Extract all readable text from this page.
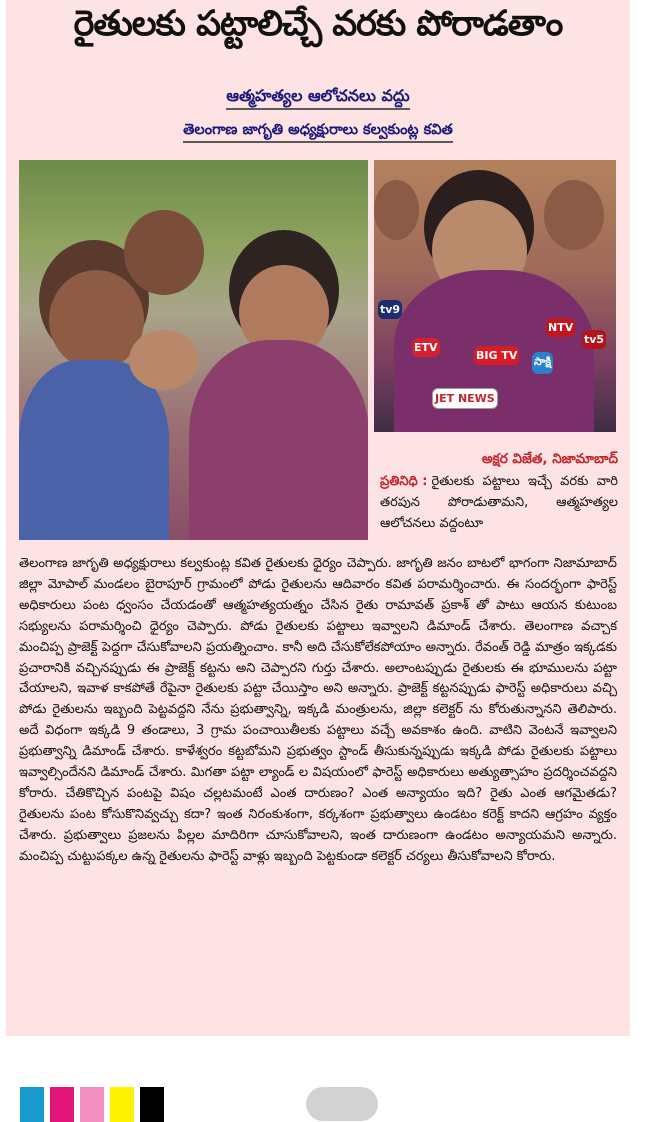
రైతులకు పట్టాలిచ్చే వరకు పోరాడతాం
ఆత్మహత్యల ఆలోచనలు వద్దు
తెలంగాణ జాగృతి అధ్యక్షురాలు కల్వకుంట్ల కవిత
tv9
ETV
BIG TV సాక్షి
NTV
tv5
JET NEWS
అక్షర విజేత, నిజామాబాద్
ప్రతినిధి : రైతులకు పట్టాలు ఇచ్చే వరకు వారి తరపున పోరాడుతామని, ఆత్మహత్యల ఆలోచనలు వద్దంటూ
తెలంగాణ జాగృతి అధ్యక్షురాలు కల్వకుంట్ల కవిత రైతులకు ధైర్యం చెప్పారు. జాగృతి జనం బాటలో భాగంగా నిజామాబాద్ జిల్లా మోపాల్ మండలం బైరాపూర్ గ్రామంలో పోడు రైతులను ఆదివారం కవిత పరామర్శించారు. ఈ సందర్భంగా ఫారెస్ట్ అధికారులు పంట ధ్వంసం చేయడంతో ఆత్మహత్యయత్నం చేసిన రైతు రామావత్ ప్రకాశ్ తో పాటు ఆయన కుటుంబ సభ్యులను పరామర్శించి ధైర్యం చెప్పారు. పోడు రైతులకు పట్టాలు ఇవ్వాలని డిమాండ్ చేశారు. తెలంగాణ వచ్చాక మంచిప్ప ప్రాజెక్ట్ పెద్దగా చేసుకోవాలని ప్రయత్నించాం. కానీ అది చేసుకోలేకపోయాం అన్నారు. రేవంత్ రెడ్డి మాత్రం ఇక్కడకు ప్రచారానికి వచ్చినప్పుడు ఈ ప్రాజెక్ట్ కట్టను అని చెప్పారని గుర్తు చేశారు. అలాంటప్పుడు రైతులకు ఈ భూములను పట్టా చేయాలని, ఇవాళ కాకపోతే రేపైనా రైతులకు పట్టా చేయిస్తాం అని అన్నారు. ప్రాజెక్ట్ కట్టనప్పుడు ఫారెస్ట్ అధికారులు వచ్చి పోడు రైతులను ఇబ్బంది పెట్టవద్దని నేను ప్రభుత్వాన్ని, ఇక్కడి మంత్రులను, జిల్లా కలెక్టర్ ను కోరుతున్నానని తెలిపారు. అదే విధంగా ఇక్కడి 9 తండాలు, 3 గ్రామ పంచాయితీలకు పట్టాలు వచ్చే అవకాశం ఉంది. వాటిని వెంటనే ఇవ్వాలని ప్రభుత్వాన్ని డిమాండ్ చేశారు. కాళేశ్వరం కట్టబోమని ప్రభుత్వం స్టాండ్ తీసుకున్నప్పుడు ఇక్కడి పోడు రైతులకు పట్టాలు ఇవ్వాల్సిందేనని డిమాండ్ చేశారు. మిగతా పట్టా ల్యాండ్ ల విషయంలో ఫారెస్ట్ అధికారులు అత్యుత్సాహం ప్రదర్శించవద్దని కోరారు. చేతికొచ్చిన పంటపై విషం చల్లటమంటే ఎంత దారుణం? ఎంత అన్యాయం ఇది? రైతు ఎంత ఆగమైతడు? రైతులను పంట కోసుకొనివ్వచ్చు కదా? ఇంత నిరంకుశంగా, కర్కశంగా ప్రభుత్వాలు ఉండటం కరెక్ట్ కాదని ఆగ్రహం వ్యక్తం చేశారు. ప్రభుత్వాలు ప్రజలను పిల్లల మాదిరిగా చూసుకోవాలని, ఇంత దారుణంగా ఉండటం అన్యాయమని అన్నారు. మంచిప్ప చుట్టుపక్కల ఉన్న రైతులను ఫారెస్ట్ వాళ్లు ఇబ్బంది పెట్టకుండా కలెక్టర్ చర్యలు తీసుకోవాలని కోరారు.
